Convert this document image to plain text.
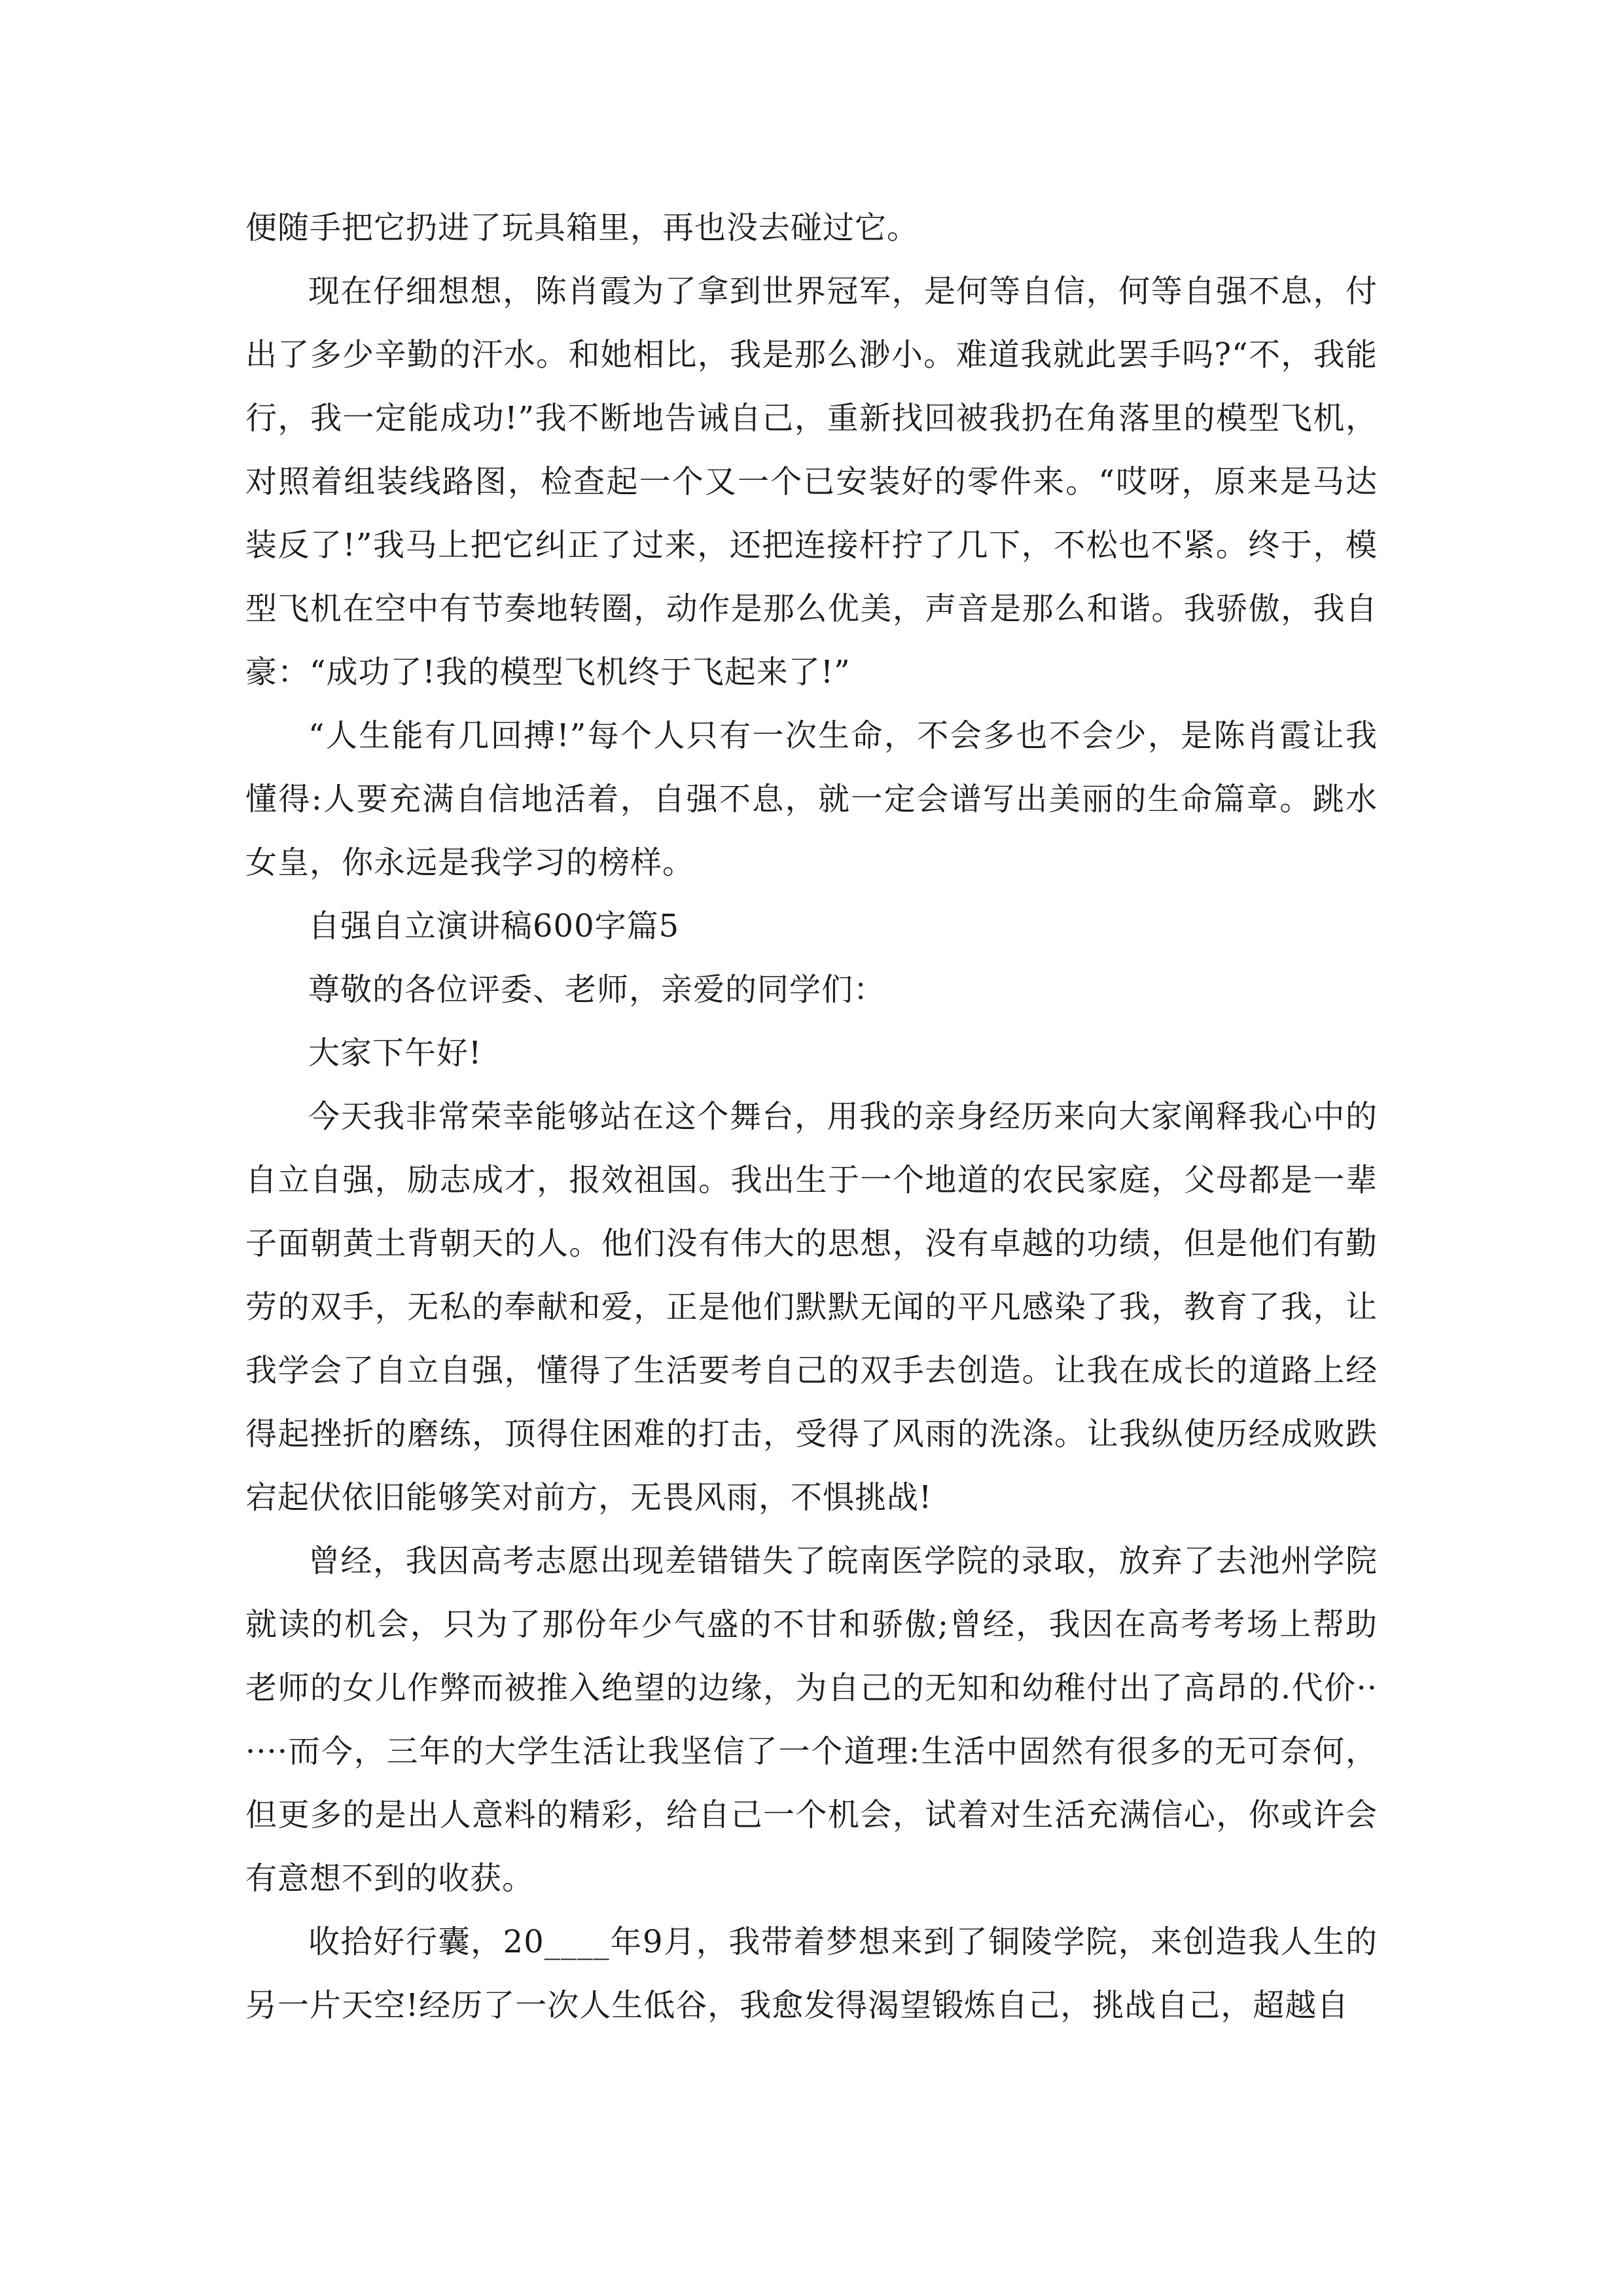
便随手把它扔进了玩具箱里，再也没去碰过它。

现在仔细想想，陈肖霞为了拿到世界冠军，是何等自信，何等自强不息，付出了多少辛勤的汗水。和她相比，我是那么渺小。难道我就此罢手吗?“不，我能行，我一定能成功!”我不断地告诫自己，重新找回被我扔在角落里的模型飞机，对照着组装线路图，检查起一个又一个已安装好的零件来。“哎呀，原来是马达装反了!”我马上把它纠正了过来，还把连接杆拧了几下，不松也不紧。终于，模型飞机在空中有节奏地转圈，动作是那么优美，声音是那么和谐。我骄傲，我自豪：“成功了!我的模型飞机终于飞起来了!”

“人生能有几回搏!”每个人只有一次生命，不会多也不会少，是陈肖霞让我懂得:人要充满自信地活着，自强不息，就一定会谱写出美丽的生命篇章。跳水女皇，你永远是我学习的榜样。

自强自立演讲稿600字篇5

尊敬的各位评委、老师，亲爱的同学们：

大家下午好!

今天我非常荣幸能够站在这个舞台，用我的亲身经历来向大家阐释我心中的自立自强，励志成才，报效祖国。我出生于一个地道的农民家庭，父母都是一辈子面朝黄土背朝天的人。他们没有伟大的思想，没有卓越的功绩，但是他们有勤劳的双手，无私的奉献和爱，正是他们默默无闻的平凡感染了我，教育了我，让我学会了自立自强，懂得了生活要考自己的双手去创造。让我在成长的道路上经得起挫折的磨练，顶得住困难的打击，受得了风雨的洗涤。让我纵使历经成败跌宕起伏依旧能够笑对前方，无畏风雨，不惧挑战!

曾经，我因高考志愿出现差错错失了皖南医学院的录取，放弃了去池州学院就读的机会，只为了那份年少气盛的不甘和骄傲;曾经，我因在高考考场上帮助老师的女儿作弊而被推入绝望的边缘，为自己的无知和幼稚付出了高昂的.代价······而今，三年的大学生活让我坚信了一个道理:生活中固然有很多的无可奈何，但更多的是出人意料的精彩，给自己一个机会，试着对生活充满信心，你或许会有意想不到的收获。

收拾好行囊，20____年9月，我带着梦想来到了铜陵学院，来创造我人生的另一片天空!经历了一次人生低谷，我愈发得渴望锻炼自己，挑战自己，超越自
